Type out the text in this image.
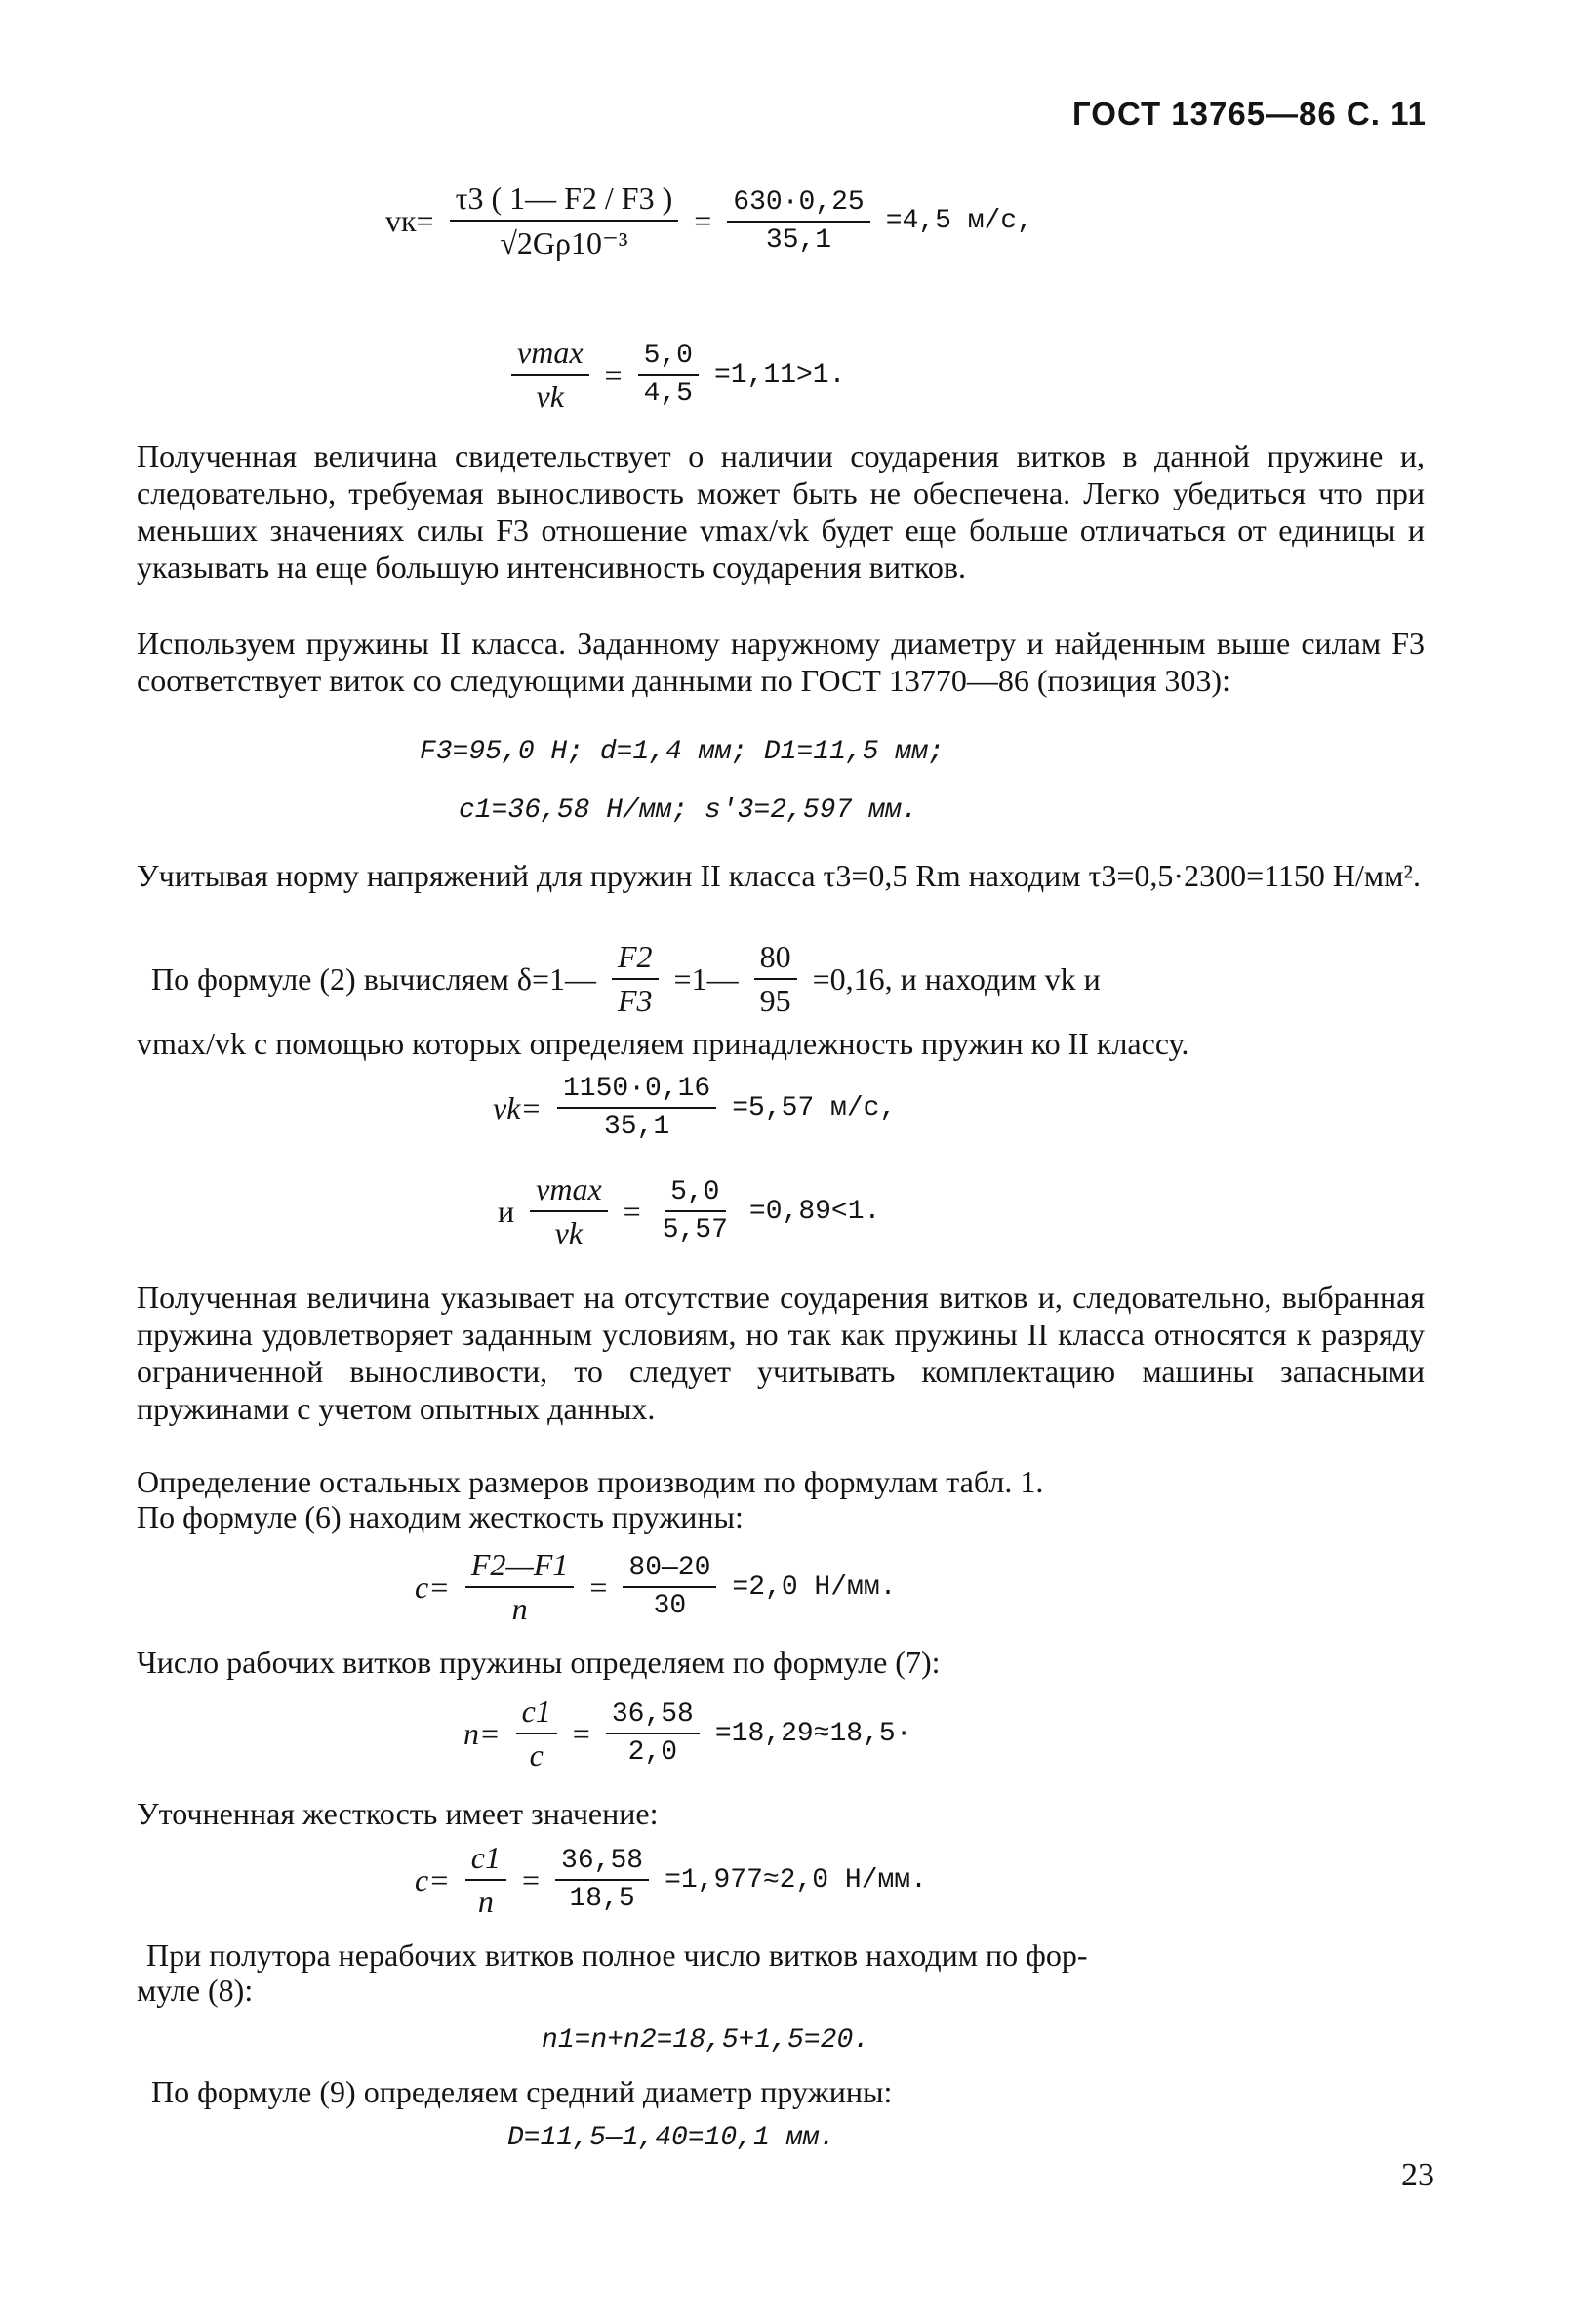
ГОСТ 13765—86 С. 11
$vк= \frac{\tau 3 ( 1— F2 / F3 )}{\text{√2Gρ10⁻³}} = \frac{630\cdot 0,25}{35,1} =4,5$ м/с,
$\frac{vmax}{vk} = \frac{5,0}{4,5} =1,11>1$.
Полученная величина свидетельствует о наличии соударения витков в данной пружине и, следовательно, требуемая выносливость может быть не обеспечена. Легко убедиться что при меньших значениях силы F3 отношение vmax/vk будет еще больше отличаться от единицы и указывать на еще большую интенсивность соударения витков.
Используем пружины II класса. Заданному наружному диаметру и найденным выше силам F3 соответствует виток со следующими данными по ГОСТ 13770—86 (позиция 303):
F3=95,0 Н; d=1,4 мм; D1=11,5 мм;
c1=36,58 Н/мм; s′3=2,597 мм.
Учитывая норму напряжений для пружин II класса τ3=0,5 Rm находим τ3=0,5·2300=1150 Н/мм².
По формуле (2) вычисляем δ=1— $\frac{F2}{F3}$ =1— $\frac{80}{95} =0,16$, и находим vk и
vmax/vk с помощью которых определяем принадлежность пружин ко II классу.
$vk= \frac{1150\cdot 0,16}{35,1} =5,57$ м/с,
и $\frac{vmax}{vk} = \frac{5,0}{5,57} =0,89<1$.
Полученная величина указывает на отсутствие соударения витков и, следовательно, выбранная пружина удовлетворяет заданным условиям, но так как пружины II класса относятся к разряду ограниченной выносливости, то следует учитывать комплектацию машины запасными пружинами с учетом опытных данных.
Определение остальных размеров производим по формулам табл. 1.
По формуле (6) находим жесткость пружины:
$c= \frac{F2—F1}{n} = \frac{80—20}{30} =2,0$ Н/мм.
Число рабочих витков пружины определяем по формуле (7):
$n= \frac{c1}{c} = \frac{36,58}{2,0} =18,29\approx 18,5\cdot$
Уточненная жесткость имеет значение:
$c= \frac{c1}{n} = \frac{36,58}{18,5} =1,977\approx 2,0$ Н/мм.
При полутора нерабочих витков полное число витков находим по фор-
муле (8):
n1=n+n2=18,5+1,5=20.
По формуле (9) определяем средний диаметр пружины:
D=11,5—1,40=10,1 мм.
23
